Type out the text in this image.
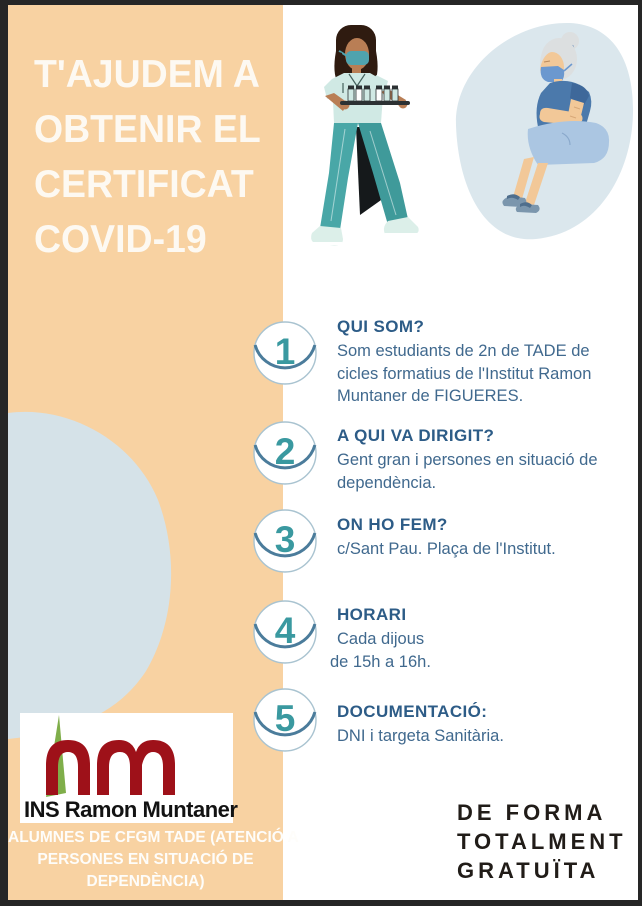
T'AJUDEM A
OBTENIR EL
CERTIFICAT
COVID-19
1
2
3
4
5
QUI SOM?
Som estudiants de 2n de TADE de
cicles formatius de l'Institut Ramon
Muntaner de FIGUERES.
A QUI VA DIRIGIT?
Gent gran i persones en situació de
dependència.
ON HO FEM?
c/Sant Pau. Plaça de l'Institut.
HORARI
Cada dijous
de 15h a 16h.
DOCUMENTACIÓ:
DNI i targeta Sanitària.
INS Ramon Muntaner
ALUMNES DE CFGM TADE (ATENCIÓ A
PERSONES EN SITUACIÓ DE
DEPENDÈNCIA)
DE FORMA
TOTALMENT
GRATUÏTA
